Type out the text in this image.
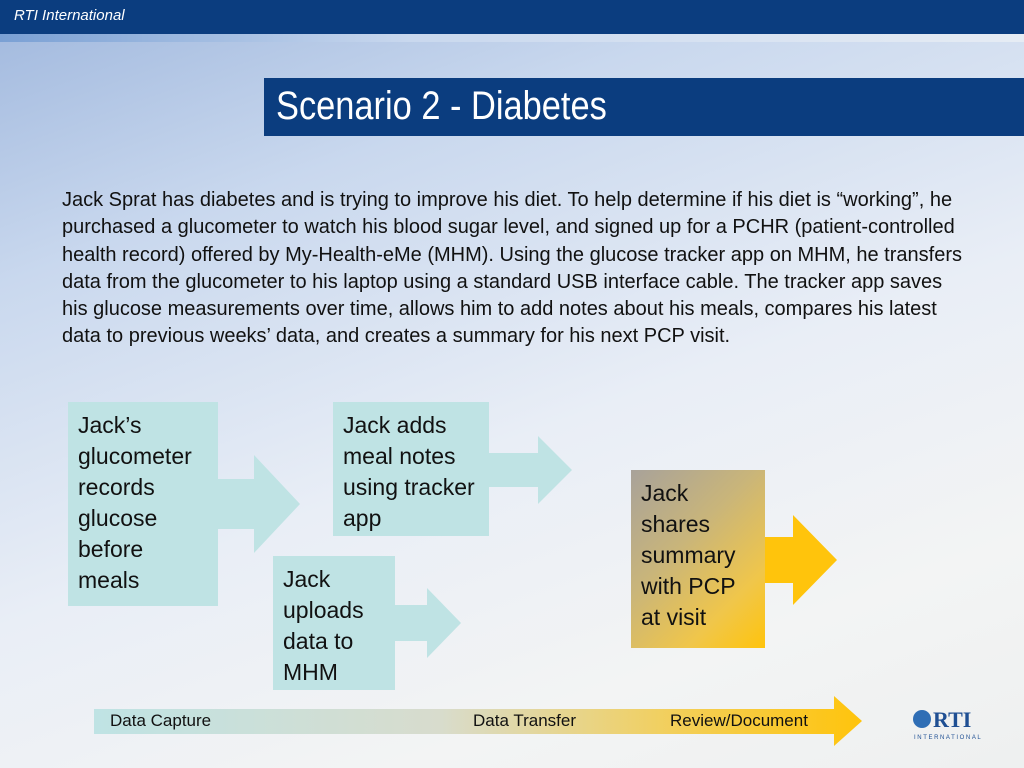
RTI International
Scenario 2 - Diabetes
Jack Sprat has diabetes and is trying to improve his diet. To help determine if his diet is “working”, he purchased a glucometer to watch his blood sugar level, and signed up for a PCHR (patient-controlled health record) offered by My-Health-eMe (MHM). Using the glucose tracker app on MHM, he transfers data from the glucometer to his laptop using a standard USB interface cable. The tracker app saves his glucose measurements over time, allows him to add notes about his meals, compares his latest data to previous weeks’ data, and creates a summary for his next PCP visit.
Jack’s glucometer records glucose before meals	Jack uploads data to MHM
Jack adds meal notes using tracker app
Jack shares summary with PCP at visit
Data Capture	Data Transfer	Review/Document	RTI
INTERNATIONAL
